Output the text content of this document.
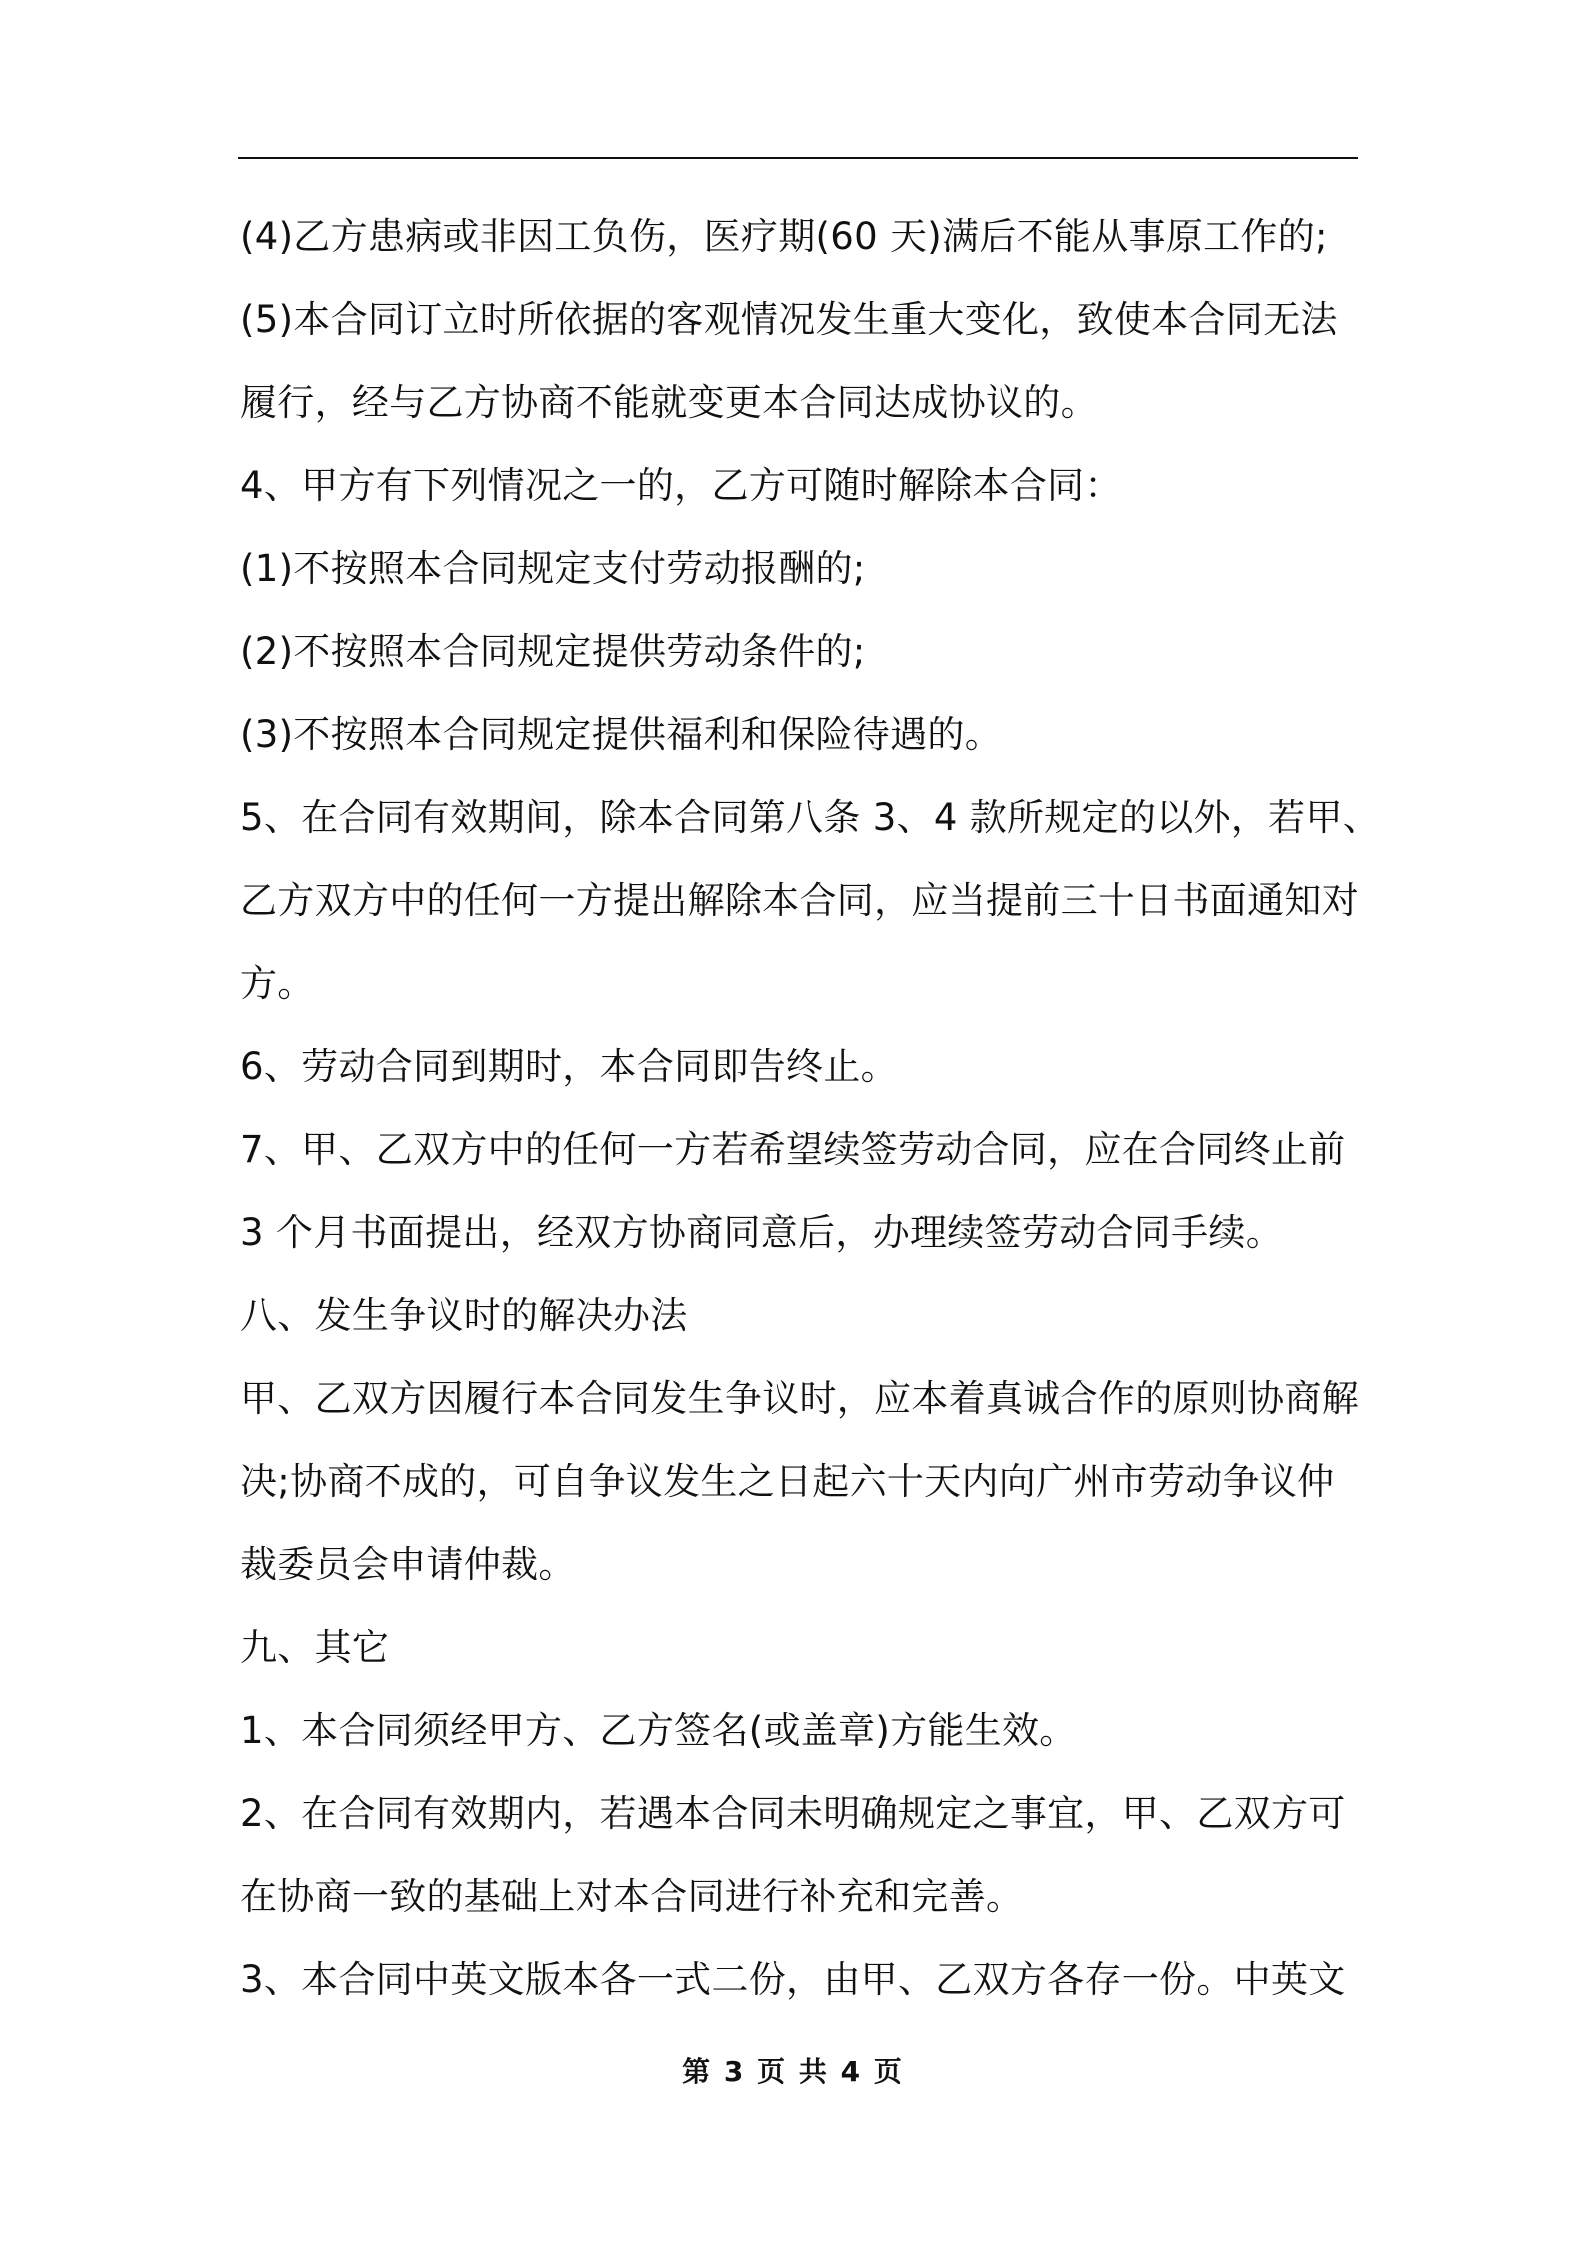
(4)乙方患病或非因工负伤，医疗期(60 天)满后不能从事原工作的;
(5)本合同订立时所依据的客观情况发生重大变化，致使本合同无法
履行，经与乙方协商不能就变更本合同达成协议的。
4、甲方有下列情况之一的，乙方可随时解除本合同：
(1)不按照本合同规定支付劳动报酬的;
(2)不按照本合同规定提供劳动条件的;
(3)不按照本合同规定提供福利和保险待遇的。
5、在合同有效期间，除本合同第八条 3、4 款所规定的以外，若甲、
乙方双方中的任何一方提出解除本合同，应当提前三十日书面通知对
方。
6、劳动合同到期时，本合同即告终止。
7、甲、乙双方中的任何一方若希望续签劳动合同，应在合同终止前
3 个月书面提出，经双方协商同意后，办理续签劳动合同手续。
八、发生争议时的解决办法
甲、乙双方因履行本合同发生争议时，应本着真诚合作的原则协商解
决;协商不成的，可自争议发生之日起六十天内向广州市劳动争议仲
裁委员会申请仲裁。
九、其它
1、本合同须经甲方、乙方签名(或盖章)方能生效。
2、在合同有效期内，若遇本合同未明确规定之事宜，甲、乙双方可
在协商一致的基础上对本合同进行补充和完善。
3、本合同中英文版本各一式二份，由甲、乙双方各存一份。中英文
第 3 页 共 4 页
